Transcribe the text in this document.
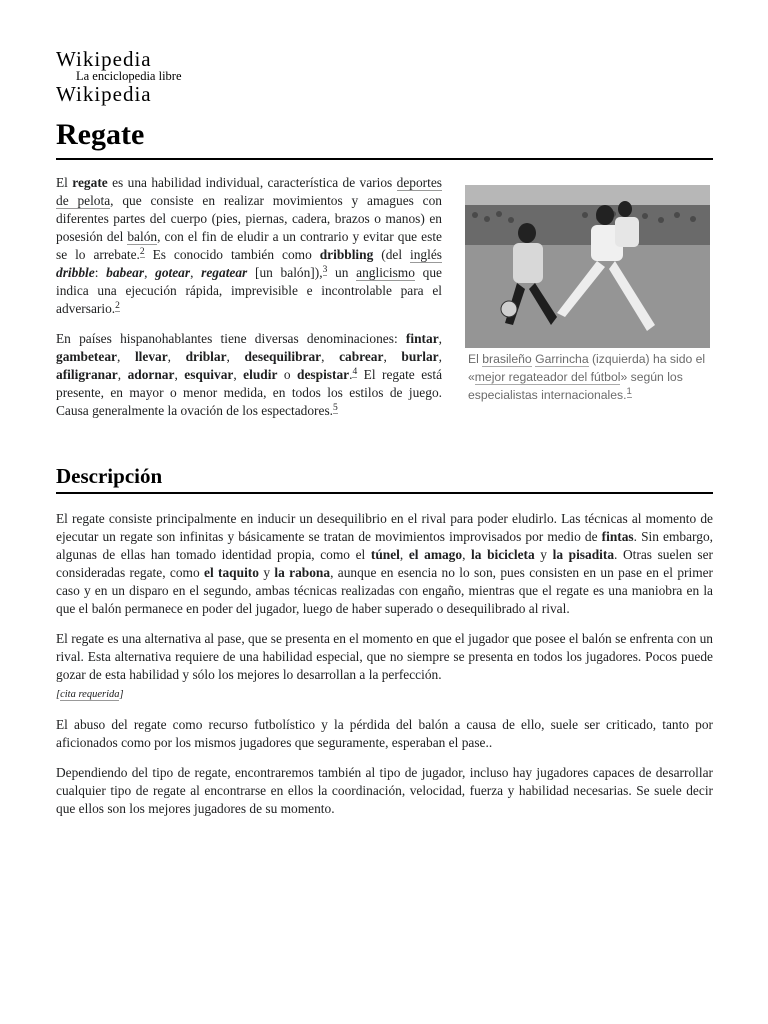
Wikipedia
La enciclopedia libre
Wikipedia
Regate

El regate es una habilidad individual, característica de varios deportes de pelota, que consiste en realizar movimientos y amagues con diferentes partes del cuerpo (pies, piernas, cadera, brazos o manos) en posesión del balón, con el fin de eludir a un contrario y evitar que este se lo arrebate.$^2$ Es conocido también como dribbling (del inglés dribble: babear, gotear, regatear [un balón]),$^3$ un anglicismo que indica una ejecución rápida, imprevisible e incontrolable para el adversario.$^2$

En países hispanohablantes tiene diversas denominaciones: fintar, gambetear, llevar, driblar, desequilibrar, cabrear, burlar, afiligranar, adornar, esquivar, eludir o despistar.$^4$ El regate está presente, en mayor o menor medida, en todos los estilos de juego. Causa generalmente la ovación de los espectadores.$^5$

El brasileño Garrincha (izquierda) ha sido el «mejor regateador del fútbol» según los especialistas internacionales.$^1$
Descripción

El regate consiste principalmente en inducir un desequilibrio en el rival para poder eludirlo. Las técnicas al momento de ejecutar un regate son infinitas y básicamente se tratan de movimientos improvisados por medio de fintas. Sin embargo, algunas de ellas han tomado identidad propia, como el túnel, el amago, la bicicleta y la pisadita. Otras suelen ser consideradas regate, como el taquito y la rabona, aunque en esencia no lo son, pues consisten en un pase en el primer caso y en un disparo en el segundo, ambas técnicas realizadas con engaño, mientras que el regate es una maniobra en la que el balón permanece en poder del jugador, luego de haber superado o desequilibrado al rival.

El regate es una alternativa al pase, que se presenta en el momento en que el jugador que posee el balón se enfrenta con un rival. Esta alternativa requiere de una habilidad especial, que no siempre se presenta en todos los jugadores. Pocos puede gozar de esta habilidad y sólo los mejores lo desarrollan a la perfección.
[cita requerida]

El abuso del regate como recurso futbolístico y la pérdida del balón a causa de ello, suele ser criticado, tanto por aficionados como por los mismos jugadores que seguramente, esperaban el pase..

Dependiendo del tipo de regate, encontraremos también al tipo de jugador, incluso hay jugadores capaces de desarrollar cualquier tipo de regate al encontrarse en ellos la coordinación, velocidad, fuerza y habilidad necesarias. Se suele decir que ellos son los mejores jugadores de su momento.
